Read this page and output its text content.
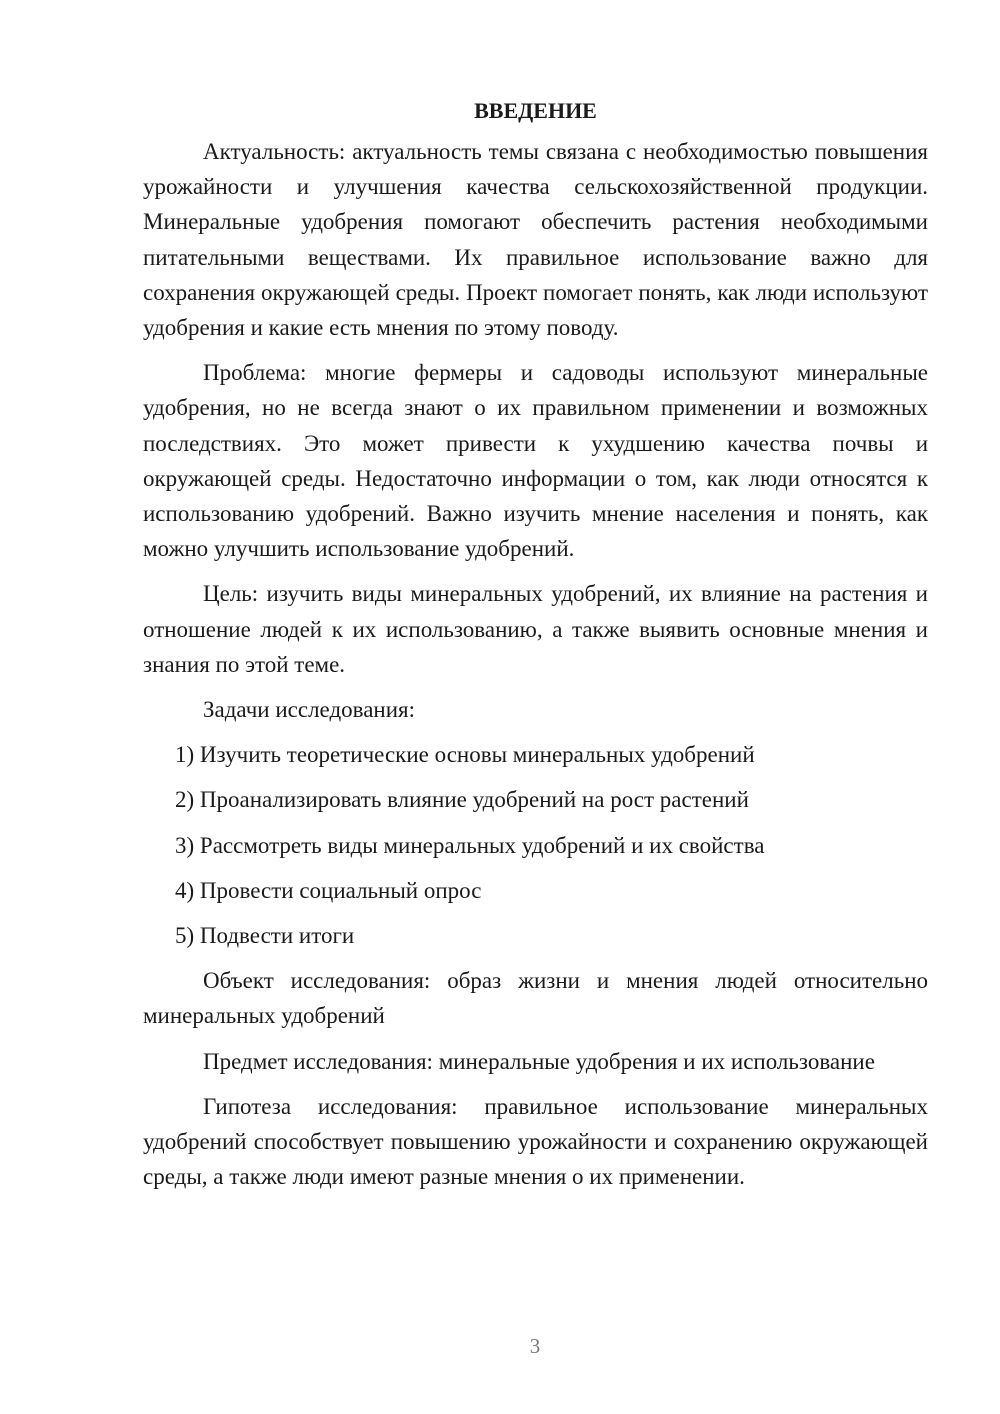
ВВЕДЕНИЕ

Актуальность: актуальность темы связана с необходимостью повышения урожайности и улучшения качества сельскохозяйственной продукции. Минеральные удобрения помогают обеспечить растения необходимыми питательными веществами. Их правильное использование важно для сохранения окружающей среды. Проект помогает понять, как люди используют удобрения и какие есть мнения по этому поводу.

Проблема: многие фермеры и садоводы используют минеральные удобрения, но не всегда знают о их правильном применении и возможных последствиях. Это может привести к ухудшению качества почвы и окружающей среды. Недостаточно информации о том, как люди относятся к использованию удобрений. Важно изучить мнение населения и понять, как можно улучшить использование удобрений.

Цель: изучить виды минеральных удобрений, их влияние на растения и отношение людей к их использованию, а также выявить основные мнения и знания по этой теме.

Задачи исследования:

1) Изучить теоретические основы минеральных удобрений
2) Проанализировать влияние удобрений на рост растений
3) Рассмотреть виды минеральных удобрений и их свойства
4) Провести социальный опрос
5) Подвести итоги

Объект исследования: образ жизни и мнения людей относительно минеральных удобрений

Предмет исследования: минеральные удобрения и их использование

Гипотеза исследования: правильное использование минеральных удобрений способствует повышению урожайности и сохранению окружающей среды, а также люди имеют разные мнения о их применении.

3
